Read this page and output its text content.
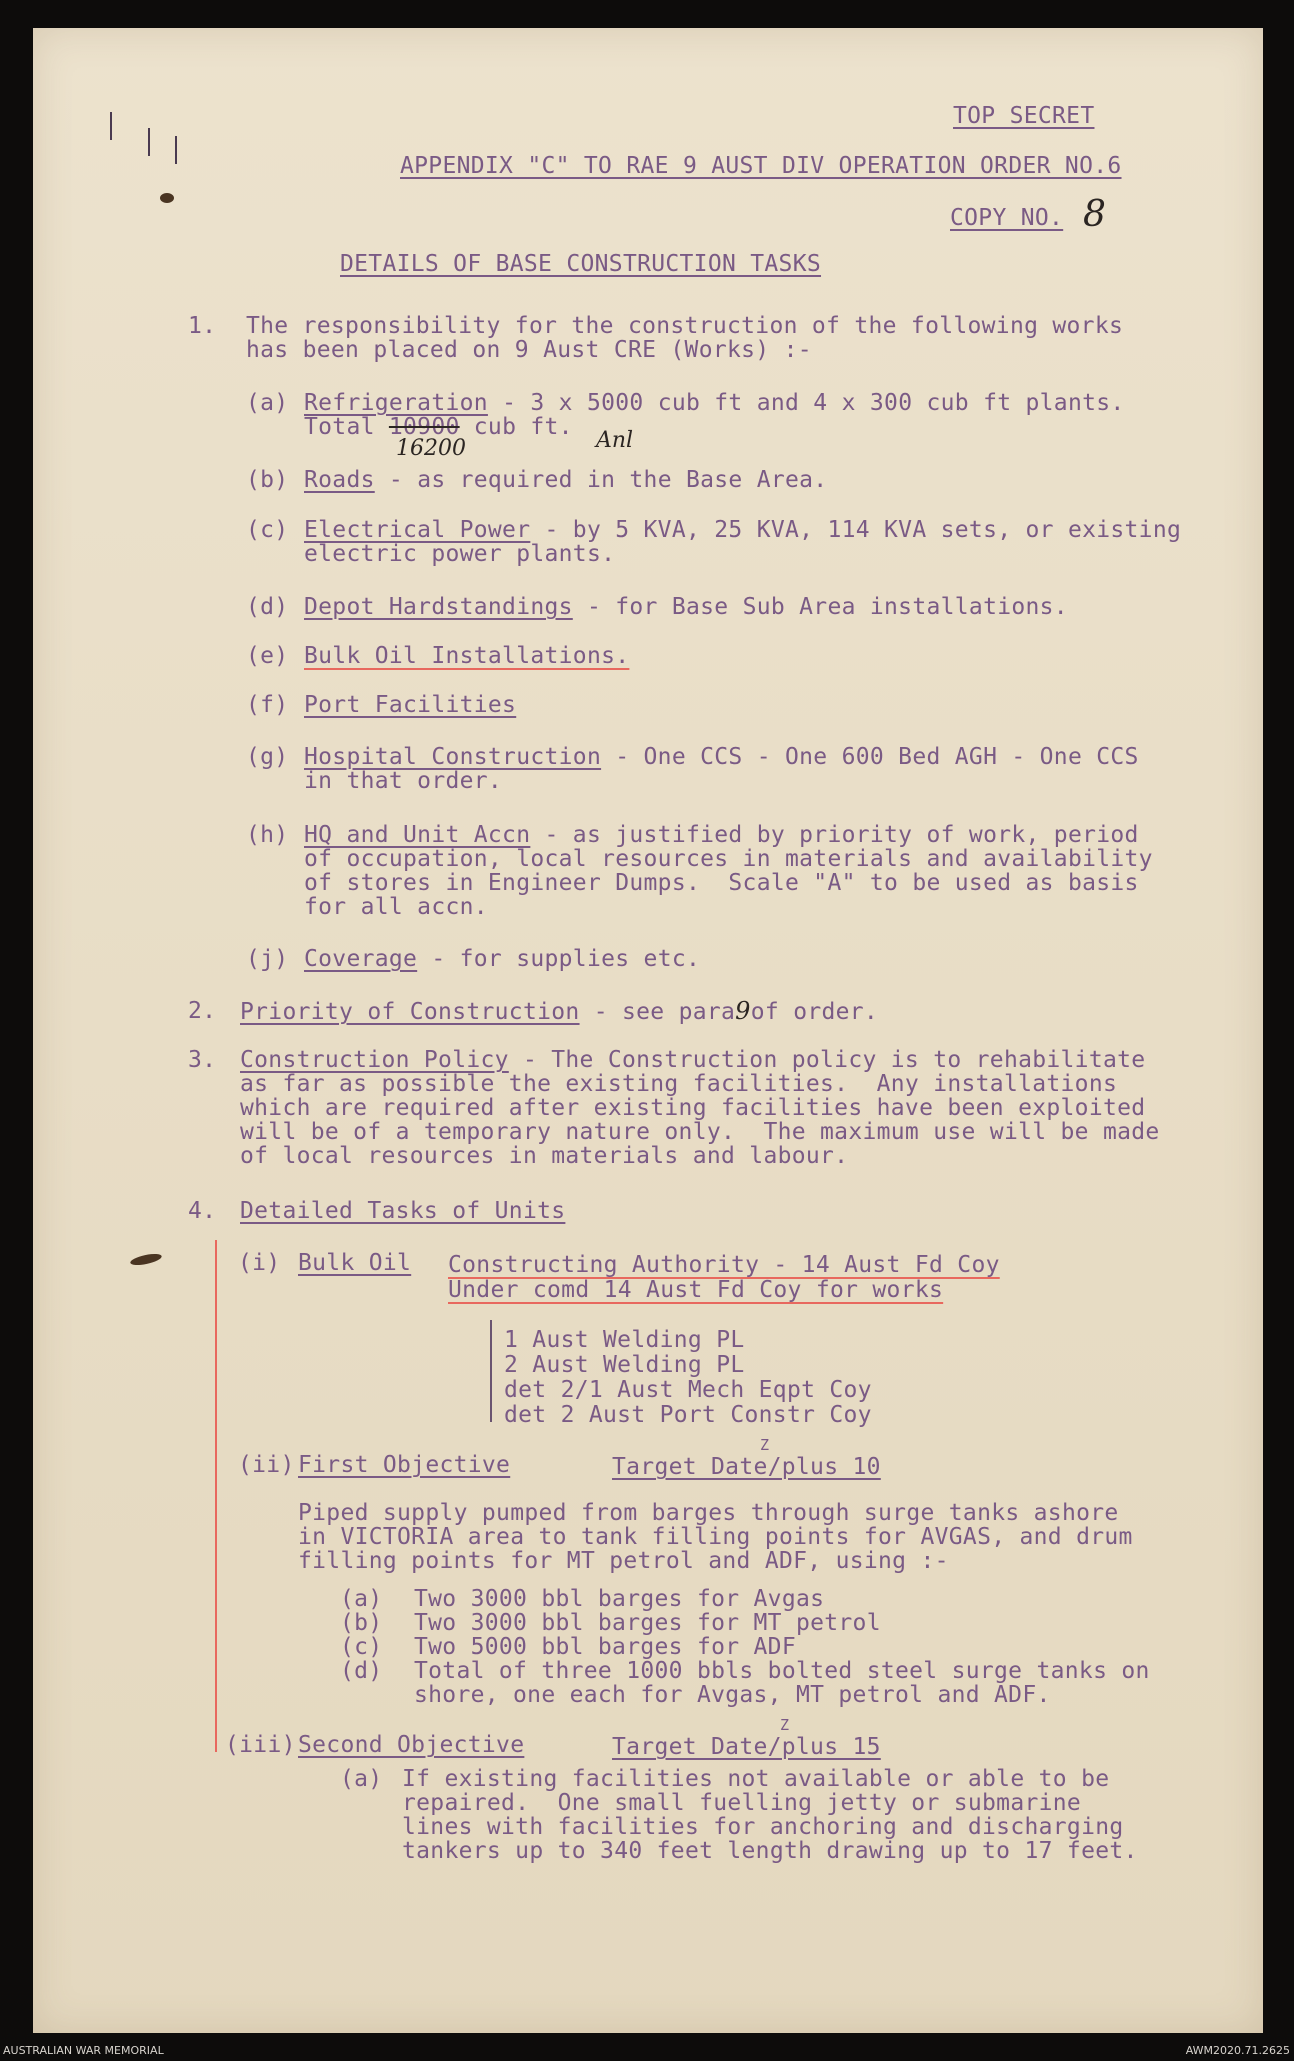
TOP SECRET
APPENDIX "C" TO RAE 9 AUST DIV OPERATION ORDER NO.6
COPY NO. 8
DETAILS OF BASE CONSTRUCTION TASKS
1. The responsibility for the construction of the following works
has been placed on 9 Aust CRE (Works) :-
(a) Refrigeration - 3 x 5000 cub ft and 4 x 300 cub ft plants.
Total 10900 cub ft.
16200	Anl
(b) Roads - as required in the Base Area.
(c) Electrical Power - by 5 KVA, 25 KVA, 114 KVA sets, or existing
electric power plants.
(d) Depot Hardstandings - for Base Sub Area installations.
(e) Bulk Oil Installations.
(f) Port Facilities
(g) Hospital Construction - One CCS - One 600 Bed AGH - One CCS
in that order.
(h) HQ and Unit Accn - as justified by priority of work, period
of occupation, local resources in materials and availability
of stores in Engineer Dumps.  Scale "A" to be used as basis
for all accn.
(j) Coverage - for supplies etc.
2. Priority of Construction - see para9of order.
3. Construction Policy - The Construction policy is to rehabilitate
as far as possible the existing facilities.  Any installations
which are required after existing facilities have been exploited
will be of a temporary nature only.  The maximum use will be made
of local resources in materials and labour.
4. Detailed Tasks of Units
(i) Bulk Oil Constructing Authority - 14 Aust Fd Coy
Under comd 14 Aust Fd Coy for works
1 Aust Welding PL
2 Aust Welding PL
det 2/1 Aust Mech Eqpt Coy
det 2 Aust Port Constr Coy
Z
(ii) First Objective	Target Date/plus 10
Piped supply pumped from barges through surge tanks ashore
in VICTORIA area to tank filling points for AVGAS, and drum
filling points for MT petrol and ADF, using :-
(a) Two 3000 bbl barges for Avgas
(b) Two 3000 bbl barges for MT petrol
(c) Two 5000 bbl barges for ADF
(d) Total of three 1000 bbls bolted steel surge tanks on
shore, one each for Avgas, MT petrol and ADF.
Z
(iii) Second Objective	Target Date/plus 15
(a) If existing facilities not available or able to be
repaired.  One small fuelling jetty or submarine
lines with facilities for anchoring and discharging
tankers up to 340 feet length drawing up to 17 feet.
AUSTRALIAN WAR MEMORIAL	AWM2020.71.2625
